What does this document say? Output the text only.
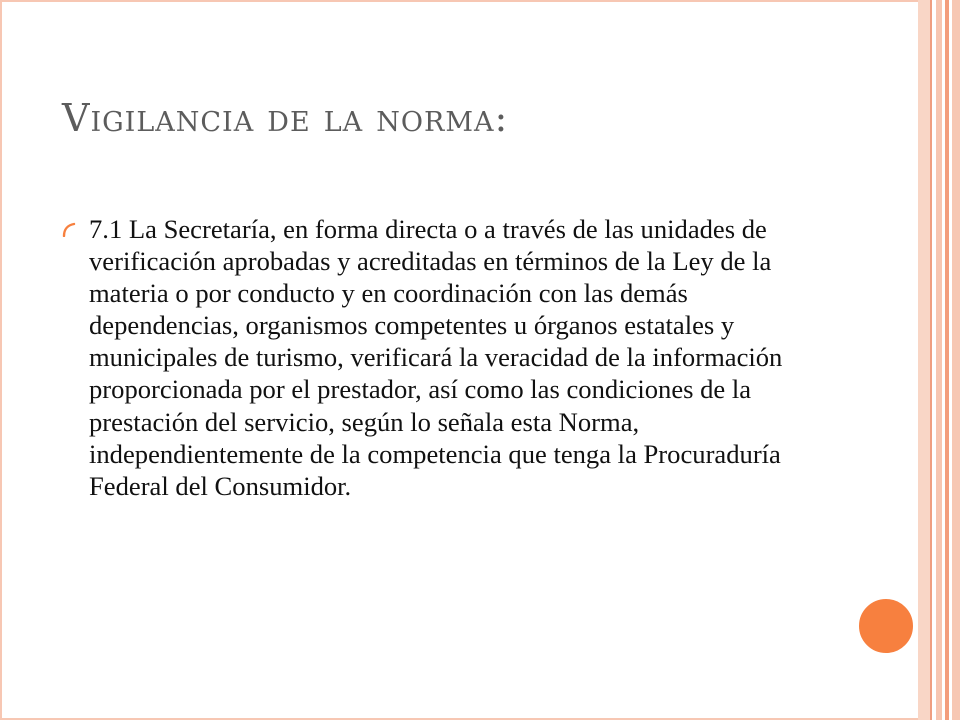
Vigilancia de la norma:
7.1 La Secretaría, en forma directa o a través de las unidades de verificación aprobadas y acreditadas en términos de la Ley de la materia o por conducto y en coordinación con las demás dependencias, organismos competentes u órganos estatales y municipales de turismo, verificará la veracidad de la información proporcionada por el prestador, así como las condiciones de la prestación del servicio, según lo señala esta Norma, independientemente de la competencia que tenga la Procuraduría Federal del Consumidor.
